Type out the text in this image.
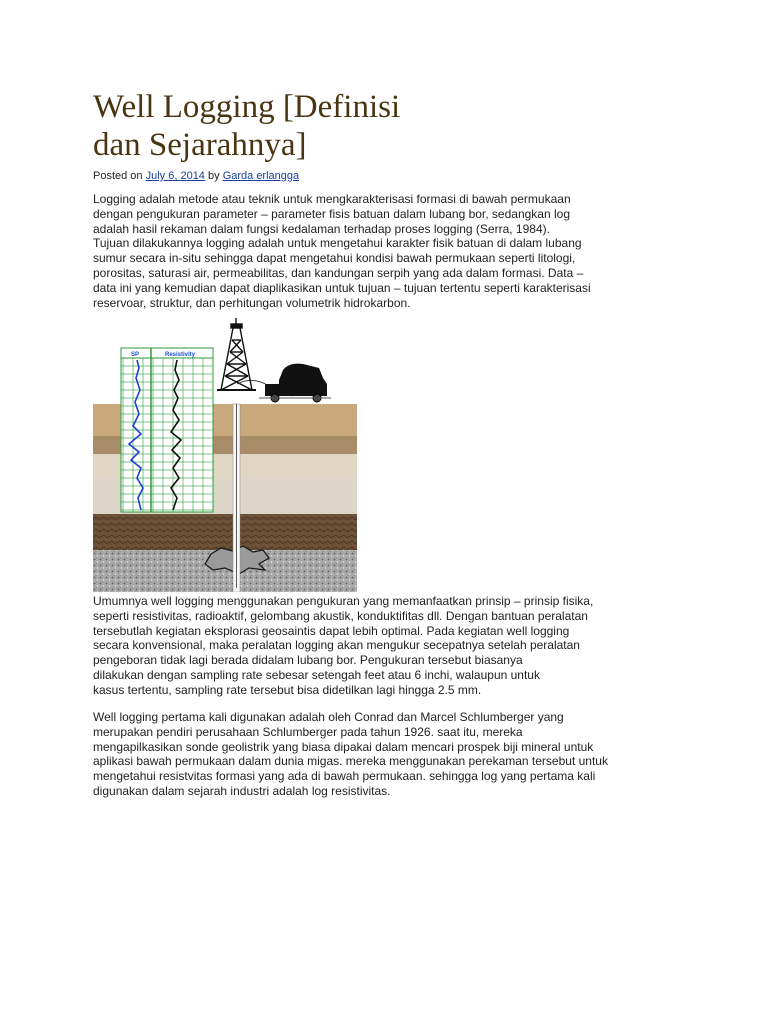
Well Logging [Definisi
dan Sejarahnya]
Posted on July 6, 2014 by Garda erlangga
Logging adalah metode atau teknik untuk mengkarakterisasi formasi di bawah permukaan
dengan pengukuran parameter – parameter fisis batuan dalam lubang bor, sedangkan log
adalah hasil rekaman dalam fungsi kedalaman terhadap proses logging (Serra, 1984).
Tujuan dilakukannya logging adalah untuk mengetahui karakter fisik batuan di dalam lubang
sumur secara in-situ sehingga dapat mengetahui kondisi bawah permukaan seperti litologi,
porositas, saturasi air, permeabilitas, dan kandungan serpih yang ada dalam formasi. Data –
data ini yang kemudian dapat diaplikasikan untuk tujuan – tujuan tertentu seperti karakterisasi
reservoar, struktur, dan perhitungan volumetrik hidrokarbon.
SP	Resistivity
Umumnya well logging menggunakan pengukuran yang memanfaatkan prinsip – prinsip fisika,
seperti resistivitas, radioaktif, gelombang akustik, konduktifitas dll. Dengan bantuan peralatan
tersebutlah kegiatan eksplorasi geosaintis dapat lebih optimal. Pada kegiatan well logging
secara konvensional, maka peralatan logging akan mengukur secepatnya setelah peralatan
pengeboran tidak lagi berada didalam lubang bor. Pengukuran tersebut biasanya
dilakukan dengan sampling rate sebesar setengah feet atau 6 inchi, walaupun untuk
kasus tertentu, sampling rate tersebut bisa didetilkan lagi hingga 2.5 mm.
Well logging pertama kali digunakan adalah oleh Conrad dan Marcel Schlumberger yang
merupakan pendiri perusahaan Schlumberger pada tahun 1926. saat itu, mereka
mengapilkasikan sonde geolistrik yang biasa dipakai dalam mencari prospek biji mineral untuk
aplikasi bawah permukaan dalam dunia migas. mereka menggunakan perekaman tersebut untuk
mengetahui resistvitas formasi yang ada di bawah permukaan. sehingga log yang pertama kali
digunakan dalam sejarah industri adalah log resistivitas.
